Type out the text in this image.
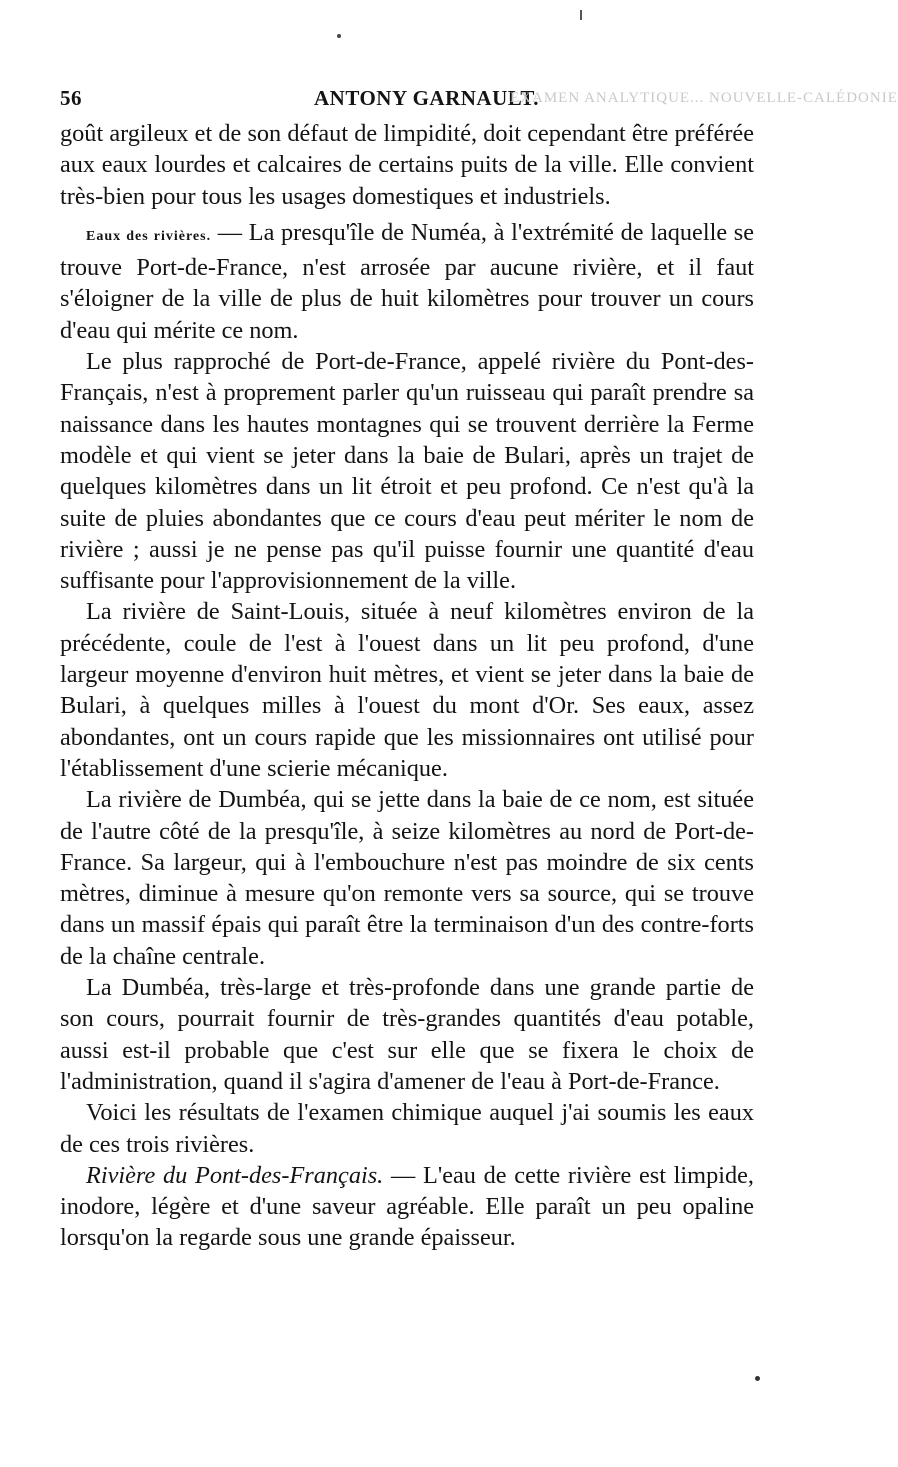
56	ANTONY GARNAULT.
EXAMEN ANALYTIQUE... NOUVELLE-CALÉDONIE

goût argileux et de son défaut de limpidité, doit cependant être préférée aux eaux lourdes et calcaires de certains puits de la ville. Elle convient très-bien pour tous les usages domestiques et industriels.

Eaux des rivières. — La presqu'île de Numéa, à l'extrémité de laquelle se trouve Port-de-France, n'est arrosée par aucune rivière, et il faut s'éloigner de la ville de plus de huit kilomètres pour trouver un cours d'eau qui mérite ce nom.

Le plus rapproché de Port-de-France, appelé rivière du Pont-des-Français, n'est à proprement parler qu'un ruisseau qui paraît prendre sa naissance dans les hautes montagnes qui se trouvent derrière la Ferme modèle et qui vient se jeter dans la baie de Bulari, après un trajet de quelques kilomètres dans un lit étroit et peu profond. Ce n'est qu'à la suite de pluies abondantes que ce cours d'eau peut mériter le nom de rivière ; aussi je ne pense pas qu'il puisse fournir une quantité d'eau suffisante pour l'approvisionnement de la ville.

La rivière de Saint-Louis, située à neuf kilomètres environ de la précédente, coule de l'est à l'ouest dans un lit peu profond, d'une largeur moyenne d'environ huit mètres, et vient se jeter dans la baie de Bulari, à quelques milles à l'ouest du mont d'Or. Ses eaux, assez abondantes, ont un cours rapide que les missionnaires ont utilisé pour l'établissement d'une scierie mécanique.

La rivière de Dumbéa, qui se jette dans la baie de ce nom, est située de l'autre côté de la presqu'île, à seize kilomètres au nord de Port-de-France. Sa largeur, qui à l'embouchure n'est pas moindre de six cents mètres, diminue à mesure qu'on remonte vers sa source, qui se trouve dans un massif épais qui paraît être la terminaison d'un des contre-forts de la chaîne centrale.

La Dumbéa, très-large et très-profonde dans une grande partie de son cours, pourrait fournir de très-grandes quantités d'eau potable, aussi est-il probable que c'est sur elle que se fixera le choix de l'administration, quand il s'agira d'amener de l'eau à Port-de-France.

Voici les résultats de l'examen chimique auquel j'ai soumis les eaux de ces trois rivières.

Rivière du Pont-des-Français. — L'eau de cette rivière est limpide, inodore, légère et d'une saveur agréable. Elle paraît un peu opaline lorsqu'on la regarde sous une grande épaisseur.
